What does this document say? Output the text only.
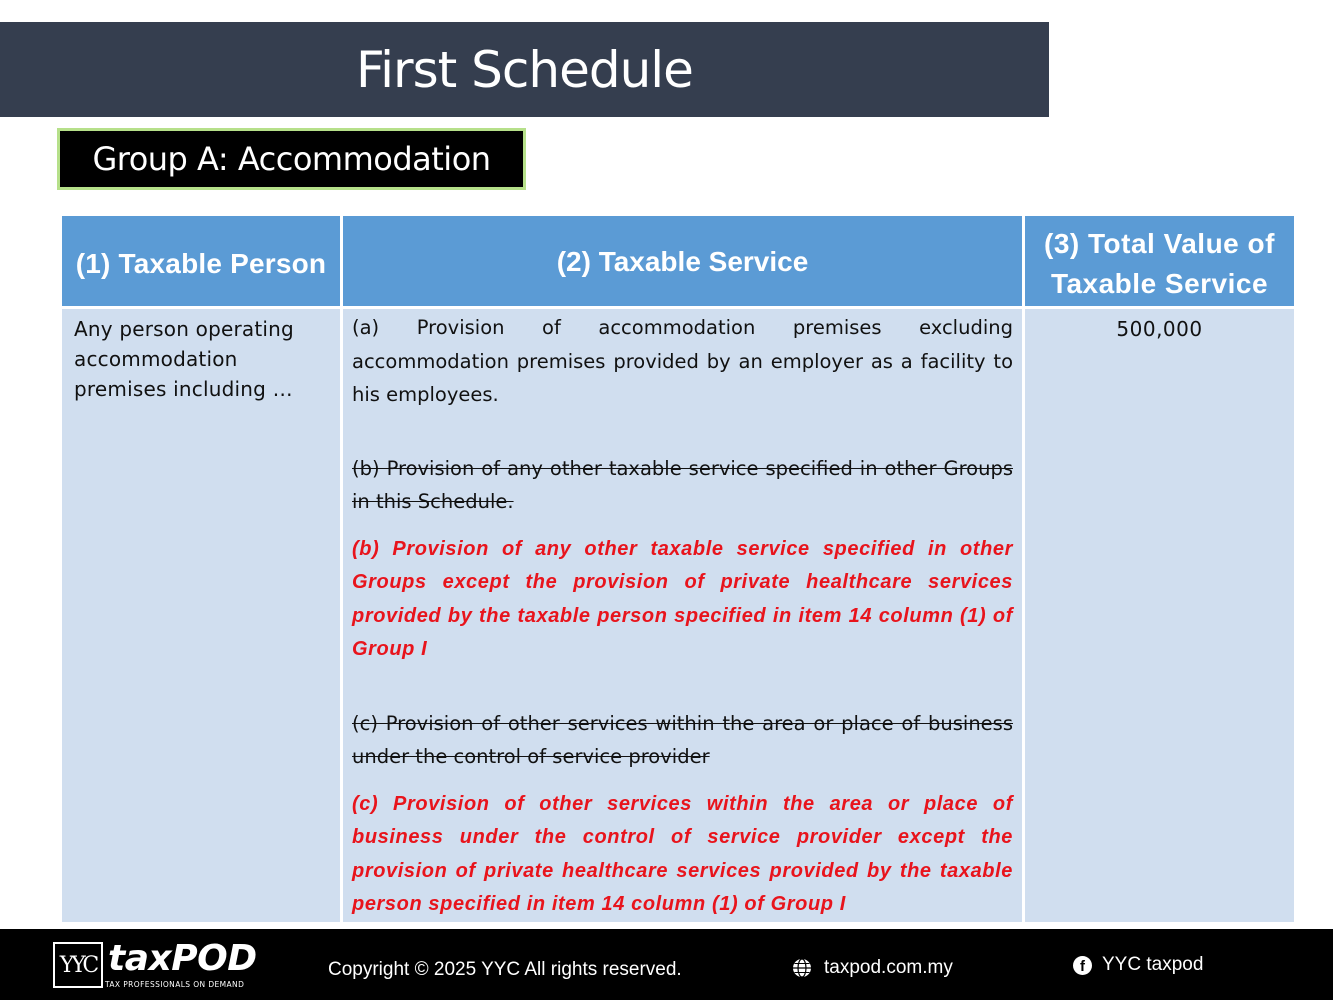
First Schedule
Group A: Accommodation
(1) Taxable Person	(2) Taxable Service	(3) Total Value of Taxable Service
Any person operating accommodation premises including …	(a) Provision of accommodation premises excluding accommodation premises provided by an employer as a facility to his employees.

(b) Provision of any other taxable service specified in other Groups in this Schedule.

(b) Provision of any other taxable service specified in other Groups except the provision of private healthcare services provided by the taxable person specified in item 14 column (1) of Group I

(c) Provision of other services within the area or place of business under the control of service provider

(c) Provision of other services within the area or place of business under the control of service provider except the provision of private healthcare services provided by the taxable person specified in item 14 column (1) of Group I	500,000
YYC taxPOD
TAX PROFESSIONALS ON DEMAND
Copyright © 2025 YYC All rights reserved.	taxpod.com.my	f YYC taxpod
